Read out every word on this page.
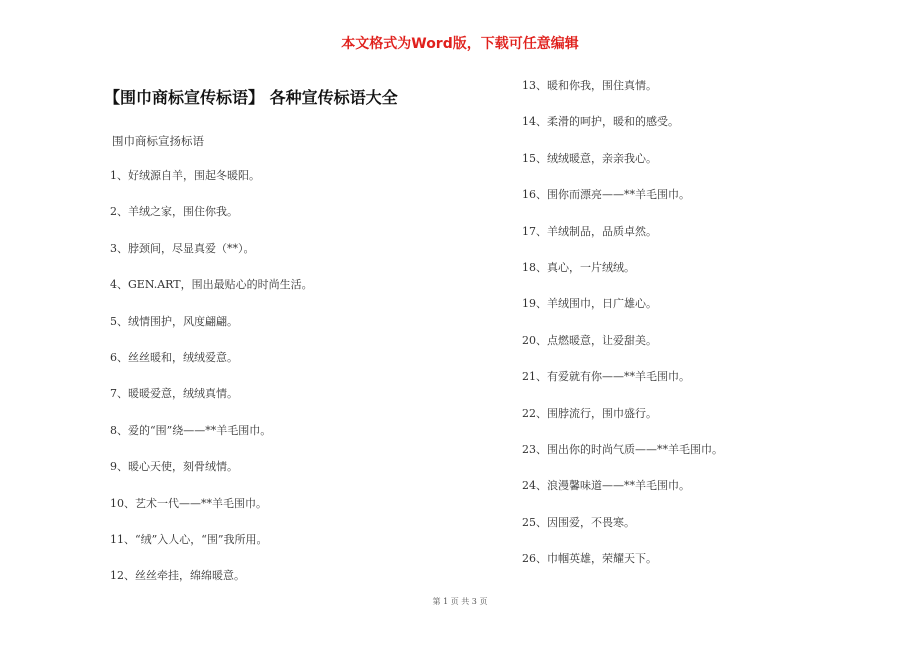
本文格式为Word版，下载可任意编辑
【围巾商标宣传标语】 各种宣传标语大全
围巾商标宣扬标语
1、好绒源自羊，围起冬暖阳。
2、羊绒之家，围住你我。
3、脖颈间，尽显真爱（**）。
4、GEN.ART，围出最贴心的时尚生活。
5、绒情围护，风度翩翩。
6、丝丝暖和，绒绒爱意。
7、暖暖爱意，绒绒真情。
8、爱的“围”绕——**羊毛围巾。
9、暖心天使，刻骨绒情。
10、艺术一代——**羊毛围巾。
11、“绒”入人心，“围”我所用。
12、丝丝牵挂，绵绵暖意。
13、暖和你我，围住真情。
14、柔滑的呵护，暖和的感受。
15、绒绒暖意，亲亲我心。
16、围你而漂亮——**羊毛围巾。
17、羊绒制品，品质卓然。
18、真心，一片绒绒。
19、羊绒围巾，日广雄心。
20、点燃暖意，让爱甜美。
21、有爱就有你——**羊毛围巾。
22、围脖流行，围巾盛行。
23、围出你的时尚气质——**羊毛围巾。
24、浪漫馨味道——**羊毛围巾。
25、因围爱，不畏寒。
26、巾帼英雄，荣耀天下。
第 1 页 共 3 页
